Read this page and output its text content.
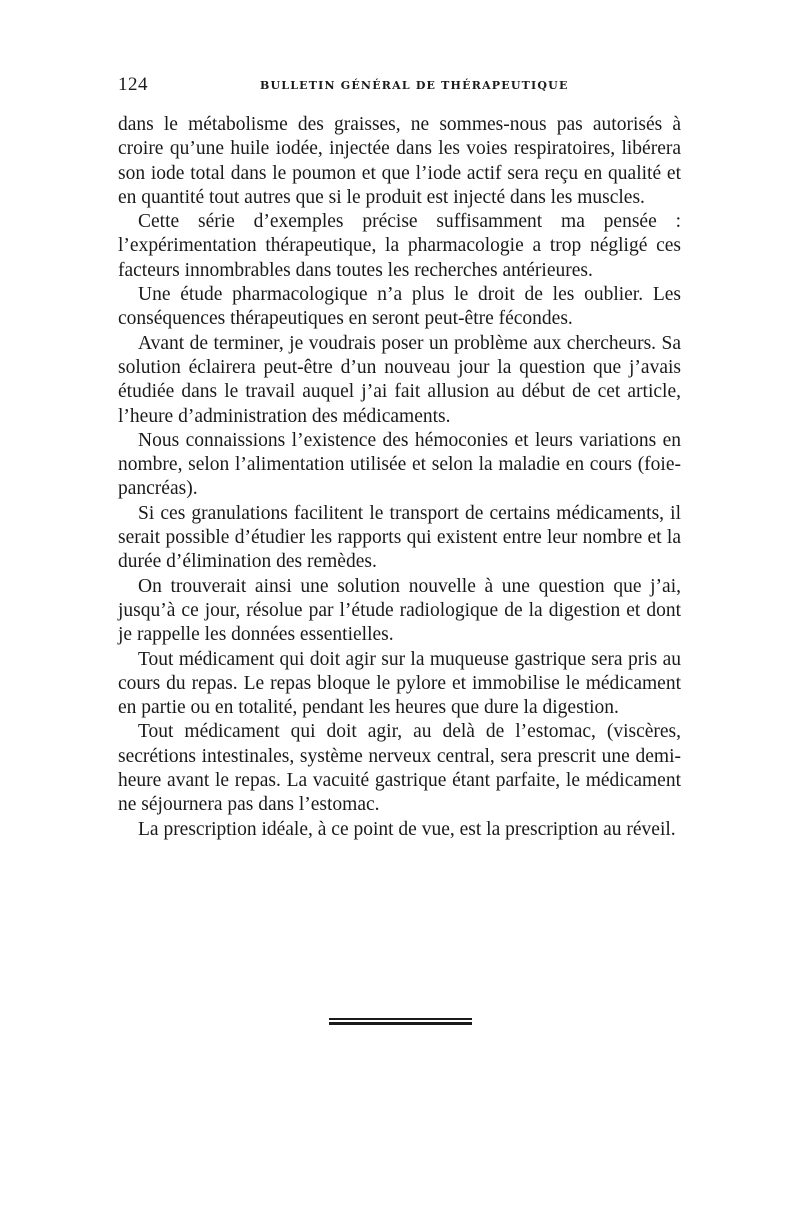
124	BULLETIN GÉNÉRAL DE THÉRAPEUTIQUE

dans le métabolisme des graisses, ne sommes-nous pas autorisés à croire qu’une huile iodée, injectée dans les voies respiratoires, libérera son iode total dans le poumon et que l’iode actif sera reçu en qualité et en quantité tout autres que si le produit est injecté dans les muscles.

Cette série d’exemples précise suffisamment ma pensée : l’expérimentation thérapeutique, la pharmacologie a trop négligé ces facteurs innombrables dans toutes les recherches antérieures.

Une étude pharmacologique n’a plus le droit de les oublier. Les conséquences thérapeutiques en seront peut-être fécondes.

Avant de terminer, je voudrais poser un problème aux chercheurs. Sa solution éclairera peut-être d’un nouveau jour la question que j’avais étudiée dans le travail auquel j’ai fait allusion au début de cet article, l’heure d’administration des médicaments.

Nous connaissions l’existence des hémoconies et leurs variations en nombre, selon l’alimentation utilisée et selon la maladie en cours (foie-pancréas).

Si ces granulations facilitent le transport de certains médicaments, il serait possible d’étudier les rapports qui existent entre leur nombre et la durée d’élimination des remèdes.

On trouverait ainsi une solution nouvelle à une question que j’ai, jusqu’à ce jour, résolue par l’étude radiologique de la digestion et dont je rappelle les données essentielles.

Tout médicament qui doit agir sur la muqueuse gastrique sera pris au cours du repas. Le repas bloque le pylore et immobilise le médicament en partie ou en totalité, pendant les heures que dure la digestion.

Tout médicament qui doit agir, au delà de l’estomac, (viscères, secrétions intestinales, système nerveux central, sera prescrit une demi-heure avant le repas. La vacuité gastrique étant parfaite, le médicament ne séjournera pas dans l’estomac.

La prescription idéale, à ce point de vue, est la prescription au réveil.
